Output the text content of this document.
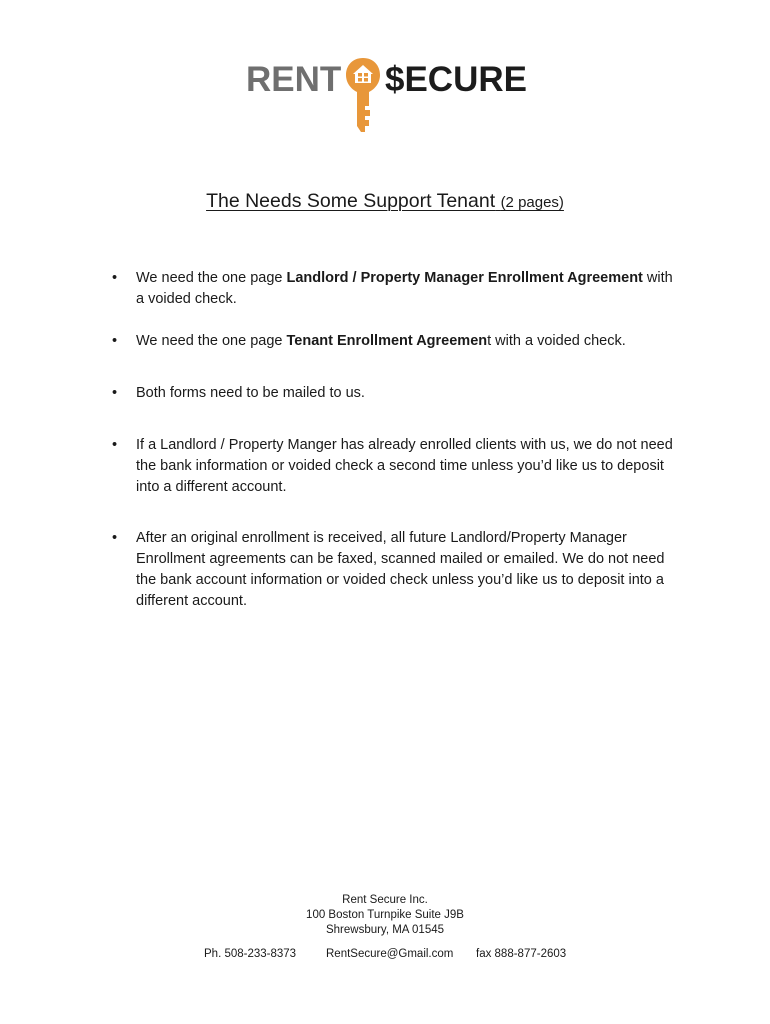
RENT $ECURE
The Needs Some Support Tenant (2 pages)
• We need the one page Landlord / Property Manager Enrollment Agreement with a voided check.
• We need the one page Tenant Enrollment Agreement with a voided check.
• Both forms need to be mailed to us.
• If a Landlord / Property Manger has already enrolled clients with us, we do not need the bank information or voided check a second time unless you’d like us to deposit into a different account.
• After an original enrollment is received, all future Landlord/Property Manager Enrollment agreements can be faxed, scanned mailed or emailed. We do not need the bank account information or voided check unless you’d like us to deposit into a different account.
Rent Secure Inc.
100 Boston Turnpike Suite J9B
Shrewsbury, MA 01545
Ph. 508-233-8373	RentSecure@Gmail.com fax 888-877-2603
